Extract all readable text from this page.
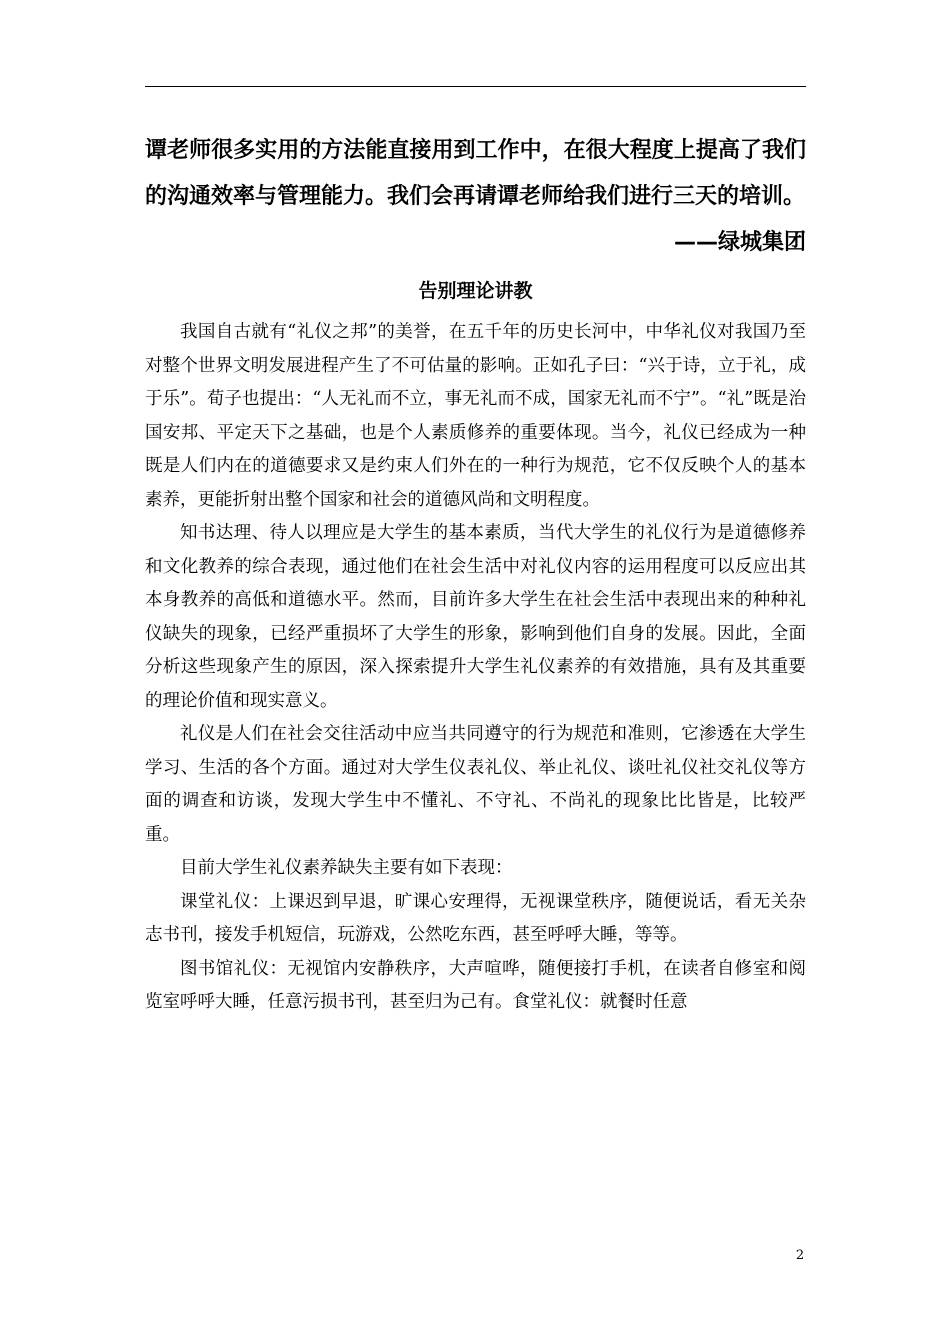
谭老师很多实用的方法能直接用到工作中，在很大程度上提高了我们的沟通效率与管理能力。我们会再请谭老师给我们进行三天的培训。

——绿城集团

告别理论讲教

我国自古就有“礼仪之邦”的美誉，在五千年的历史长河中，中华礼仪对我国乃至对整个世界文明发展进程产生了不可估量的影响。正如孔子曰：“兴于诗，立于礼，成于乐”。荀子也提出：“人无礼而不立，事无礼而不成，国家无礼而不宁”。“礼”既是治国安邦、平定天下之基础，也是个人素质修养的重要体现。当今，礼仪已经成为一种既是人们内在的道德要求又是约束人们外在的一种行为规范，它不仅反映个人的基本素养，更能折射出整个国家和社会的道德风尚和文明程度。

知书达理、待人以理应是大学生的基本素质，当代大学生的礼仪行为是道德修养和文化教养的综合表现，通过他们在社会生活中对礼仪内容的运用程度可以反应出其本身教养的高低和道德水平。然而，目前许多大学生在社会生活中表现出来的种种礼仪缺失的现象，已经严重损坏了大学生的形象，影响到他们自身的发展。因此，全面分析这些现象产生的原因，深入探索提升大学生礼仪素养的有效措施，具有及其重要的理论价值和现实意义。

礼仪是人们在社会交往活动中应当共同遵守的行为规范和准则，它渗透在大学生学习、生活的各个方面。通过对大学生仪表礼仪、举止礼仪、谈吐礼仪社交礼仪等方面的调查和访谈，发现大学生中不懂礼、不守礼、不尚礼的现象比比皆是，比较严重。

目前大学生礼仪素养缺失主要有如下表现：

课堂礼仪：上课迟到早退，旷课心安理得，无视课堂秩序，随便说话，看无关杂志书刊，接发手机短信，玩游戏，公然吃东西，甚至呼呼大睡，等等。

图书馆礼仪：无视馆内安静秩序，大声喧哗，随便接打手机，在读者自修室和阅览室呼呼大睡，任意污损书刊，甚至归为己有。食堂礼仪：就餐时任意

2
